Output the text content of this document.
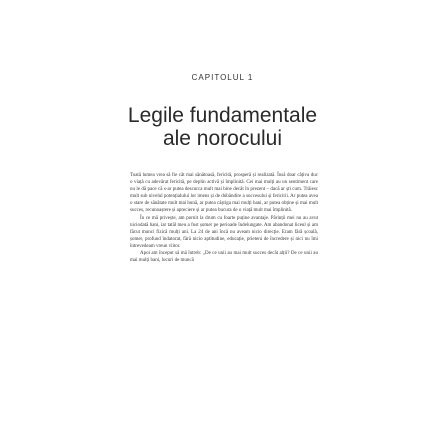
CAPITOLUL 1
Legile fundamentale
ale norocului

Toată lumea vrea să fie cât mai sănătoasă, fericită, prosperă și realizată. Însă doar câțiva duc o viață cu adevărat fericită, pe deplin activă și împlinită. Cei mai mulți au un sentiment care nu le dă pace că s-ar putea descurca mult mai bine decât în prezent – dacă ar ști cum. Trăiesc mult sub nivelul potențialului lor imens și de dobândire a succesului și fericirii. Ar putea avea o stare de sănătate mult mai bună, ar putea câștiga mai mulți bani, ar putea obține și mai mult succes, recunoaștere și apreciere și ar putea bucura de o viață mult mai împlinită.

În ce mă privește, am pornit la drum cu foarte puține avantaje. Părinții mei nu au avut niciodată bani, iar tatăl meu a fost șomer pe perioade îndelungate. Am abandonat liceul și am făcut munci fizică mulți ani. La 24 de ani încă nu aveam nicio direcție. Eram fără școală, șomer, profund îndatorat, fără nicio aptitudine, educație, prieteni de încredere și nici nu îmi întrevedeam vreun viitor.

Apoi am început să mă întreb: „De ce unii au mai mult succes decât alții? De ce unii au mai mulți bani, locuri de muncă
